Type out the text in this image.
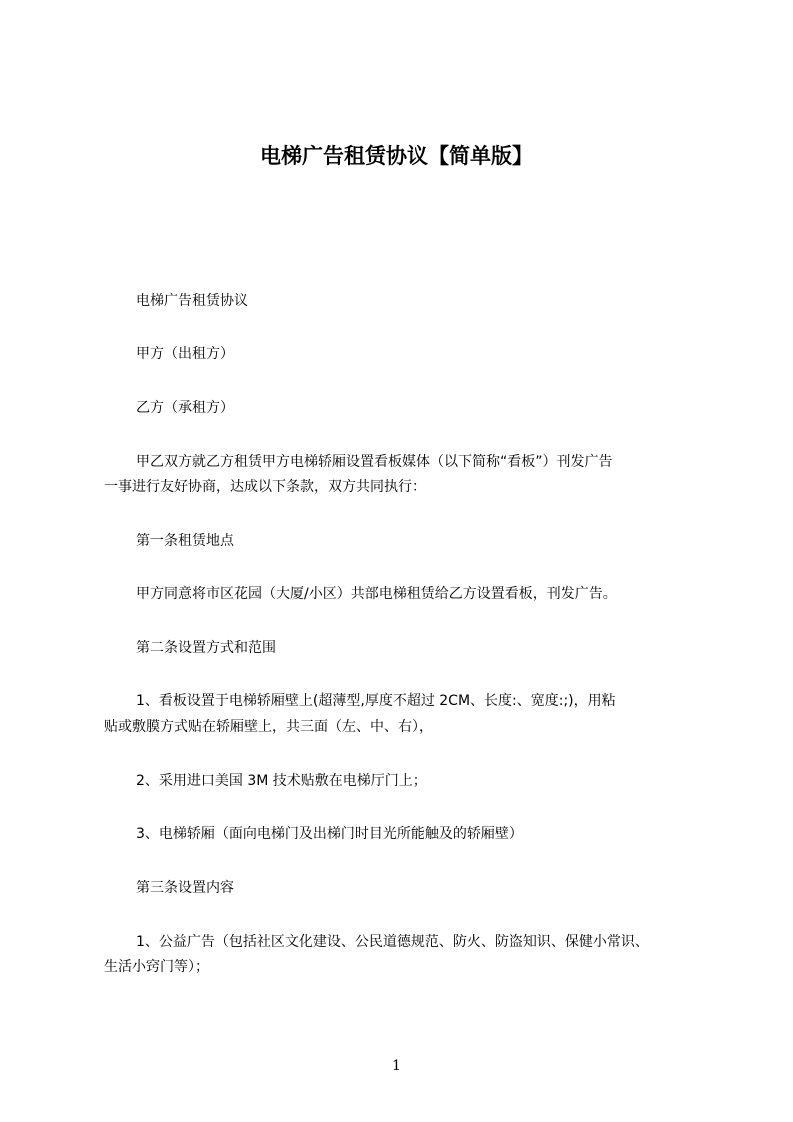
电梯广告租赁协议【简单版】
电梯广告租赁协议
甲方（出租方）
乙方（承租方）
甲乙双方就乙方租赁甲方电梯轿厢设置看板媒体（以下简称“看板”）刊发广告
一事进行友好协商，达成以下条款，双方共同执行：
第一条租赁地点
甲方同意将市区花园（大厦/小区）共部电梯租赁给乙方设置看板，刊发广告。
第二条设置方式和范围
1、看板设置于电梯轿厢壁上(超薄型,厚度不超过 2CM、长度:、宽度:;)，用粘
贴或敷膜方式贴在轿厢壁上，共三面（左、中、右），
2、采用进口美国 3M 技术贴敷在电梯厅门上；
3、电梯轿厢（面向电梯门及出梯门时目光所能触及的轿厢壁）
第三条设置内容
1、公益广告（包括社区文化建设、公民道德规范、防火、防盗知识、保健小常识、
生活小窍门等）；
1
